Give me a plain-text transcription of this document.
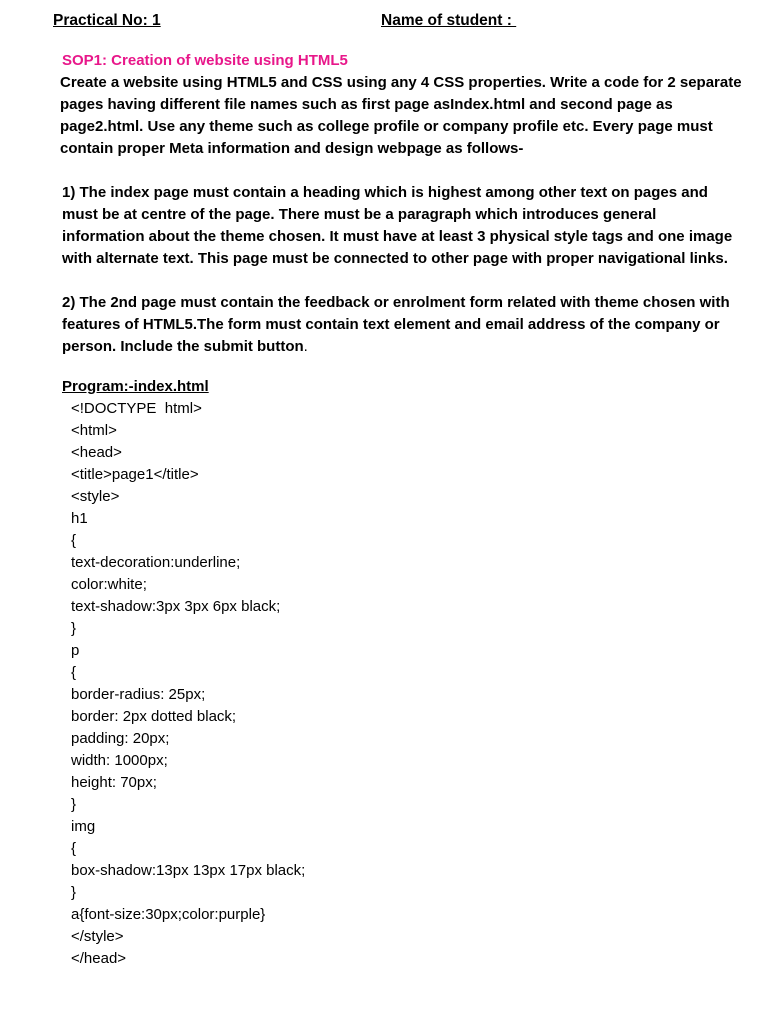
Practical No: 1	Name of student :
SOP1: Creation of website using HTML5
Create a website using HTML5 and CSS using any 4 CSS properties. Write a code for 2 separate pages having different file names such as first page asIndex.html and second page as page2.html. Use any theme such as college profile or company profile etc. Every page must contain proper Meta information and design webpage as follows-
1) The index page must contain a heading which is highest among other text on pages and must be at centre of the page. There must be a paragraph which introduces general information about the theme chosen. It must have at least 3 physical style tags and one image with alternate text. This page must be connected to other page with proper navigational links.
2) The 2nd page must contain the feedback or enrolment form related with theme chosen with features of HTML5.The form must contain text element and email address of the company or person. Include the submit button.
Program:-index.html
<!DOCTYPE  html>
<html>
<head>
<title>page1</title>
<style>
h1
{
text-decoration:underline;
color:white;
text-shadow:3px 3px 6px black;
}
p
{
border-radius: 25px;
border: 2px dotted black;
padding: 20px;
width: 1000px;
height: 70px;
}
img
{
box-shadow:13px 13px 17px black;
}
a{font-size:30px;color:purple}
</style>
</head>
